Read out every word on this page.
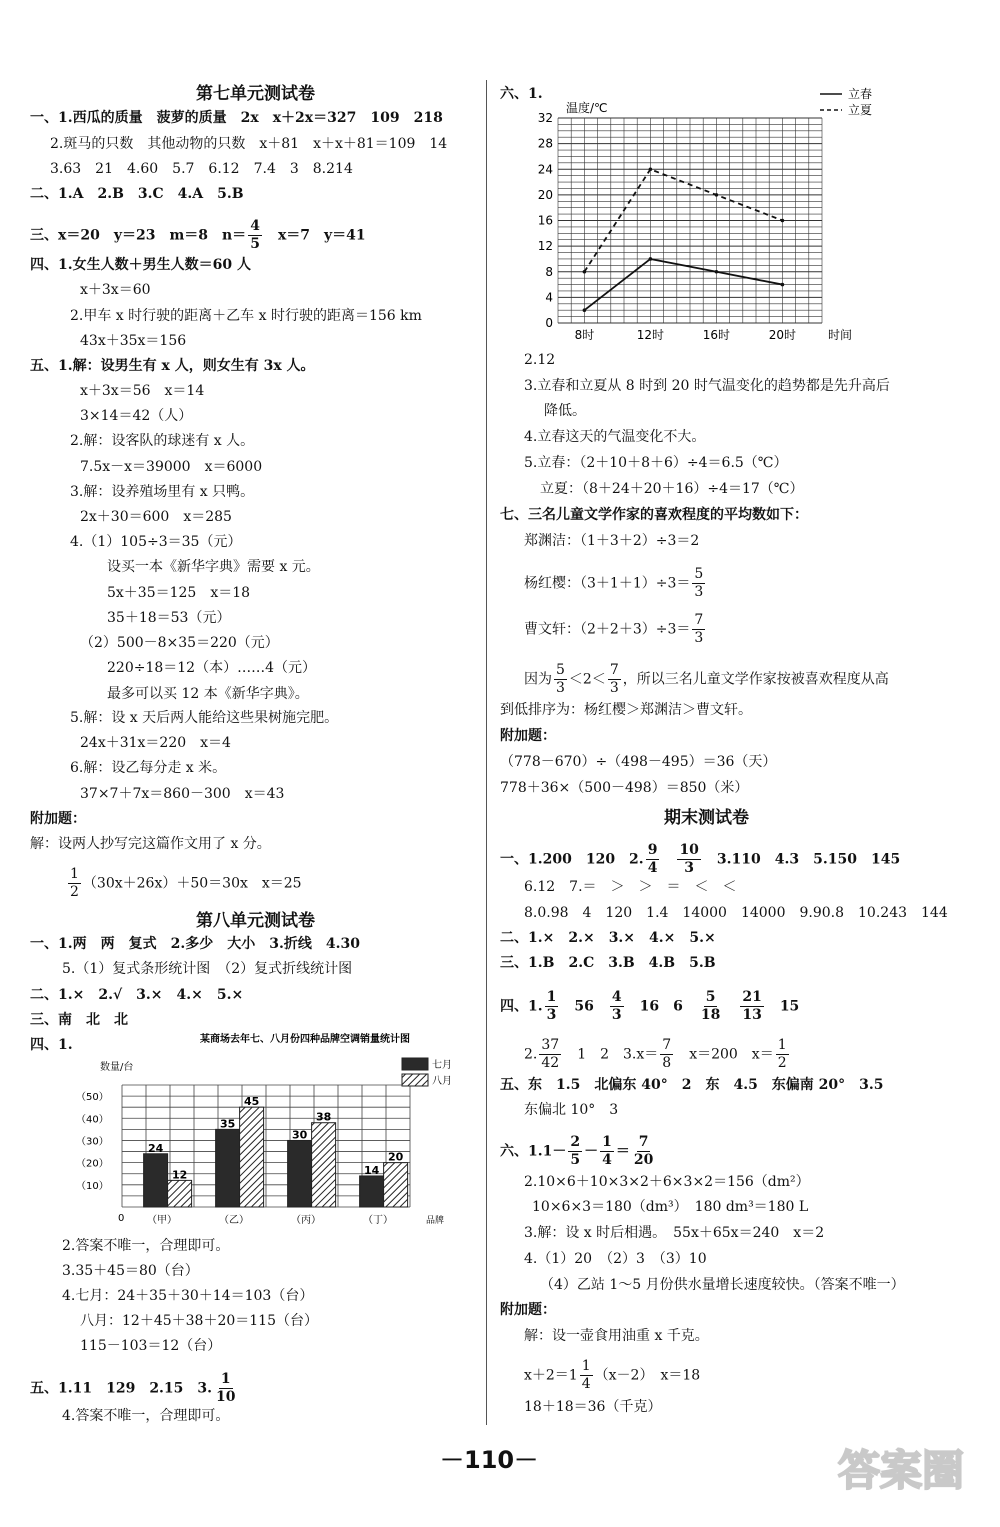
第七单元测试卷
一、1.西瓜的质量　菠萝的质量　2x　x＋2x＝327　109　218
2.斑马的只数　其他动物的只数　x＋81　x＋x＋81＝109　14
3.63　21　4.60　5.7　6.12　7.4　3　8.214
二、1.A　2.B　3.C　4.A　5.B
三、x＝20　y＝23　m＝8　$n= \frac{4}{5}$
　 x＝7　y＝41
四、1.女生人数＋男生人数＝60 人
x＋3x＝60
2.甲车 x 时行驶的距离＋乙车 x 时行驶的距离＝156 km
43x＋35x＝156
五、1.解：设男生有 x 人，则女生有 3x 人。
x＋3x＝56　x＝14
3×14＝42（人）
2.解：设客队的球迷有 x 人。
7.5x－x＝39000　x＝6000
3.解：设养殖场里有 x 只鸭。
2x＋30＝600　x＝285
4.（1）105÷3＝35（元）
设买一本《新华字典》需要 x 元。
5x＋35＝125　x＝18
35＋18＝53（元）
（2）500－8×35＝220（元）
220÷18＝12（本）……4（元）
最多可以买 12 本《新华字典》。
5.解：设 x 天后两人能给这些果树施完肥。
24x＋31x＝220　x＝4
6.解：设乙每分走 x 米。
37×7＋7x＝860－300　x＝43
附加题：
解：设两人抄写完这篇作文用了 x 分。
$\frac{1}{2} (30x+26x)+50=30x$　x＝25
第八单元测试卷
一、1.两　两　复式　2.多少　大小　3.折线　4.30
5.（1）复式条形统计图　（2）复式折线统计图
二、1.×　2.√　3.×　4.×　5.×
三、南　北　北
四、1.	某商场去年七、八月份四种品牌空调销量统计图
数量/台
0
（10）
（20）
（30）
（40）
（50）
24
12
（甲）
35
45
（乙）
30
38
（丙）
14
20
（丁）	品牌
七月
八月
2.答案不唯一，合理即可。
3.35＋45＝80（台）
4.七月：24＋35＋30＋14＝103（台）
八月：12＋45＋38＋20＝115（台）
115－103＝12（台）
五、1.11　129　2.15　3. $\frac{1}{10}$
4.答案不唯一，合理即可。
六、1.
温度/℃
0
4
8
12
16
20
24
28
32
8时	12时	16时	20时	时间
立春
立夏
2.12
3.立春和立夏从 8 时到 20 时气温变化的趋势都是先升高后
降低。
4.立春这天的气温变化不大。
5.立春：（2＋10＋8＋6）÷4＝6.5（℃）
立夏：（8＋24＋20＋16）÷4＝17（℃）
七、三名儿童文学作家的喜欢程度的平均数如下：
郑渊洁：（1＋3＋2）÷3＝2
杨红樱：$(3+1+1)\div 3= \frac{5}{3}$
曹文轩：$(2+2+3)\div 3= \frac{7}{3}$
因为 $\frac{5}{3} <2< \frac{7}{3}$ ，所以三名儿童文学作家按被喜欢程度从高
到低排序为：杨红樱＞郑渊洁＞曹文轩。
附加题：
（778－670）÷（498－495）＝36（天）
778＋36×（500－498）＝850（米）
期末测试卷
一、1.200　120　2. $\frac{9}{4}$
　 $\frac{10}{3}$
　 3.110　4.3　5.150　145
6.12　7.＝　＞　＞　＝　＜　＜
8.0.98　4　120　1.4　14000　14000　9.90.8　10.243　144
二、1.×　2.×　3.×　4.×　5.×
三、1.B　2.C　3.B　4.B　5.B
四、1. $\frac{1}{3}$
　 56　 $\frac{4}{3}$
　 16　6　 $\frac{5}{18}$
　 $\frac{21}{13}$
　 15
2. $\frac{37}{42}$
　 1　2　$3.x= \frac{7}{8}$
　 x＝200　$x= \frac{1}{2}$
五、东　1.5　北偏东 40°　2　东　4.5　东偏南 20°　3.5
东偏北 10°　3
六、$1.1- \frac{2}{5} - \frac{1}{4} = \frac{7}{20}$
2.10×6＋10×3×2＋6×3×2＝156（dm²）
10×6×3＝180（dm³）　180 dm³＝180 L
3.解：设 x 时后相遇。　55x＋65x＝240　x＝2
4.（1）20　（2）3　（3）10
（4）乙站 1～5 月份供水量增长速度较快。（答案不唯一）
附加题：
解：设一壶食用油重 x 千克。
$x+2=1 \frac{1}{4} (x-2)$　x＝18
18＋18＝36（千克）
－110－	答案圈
